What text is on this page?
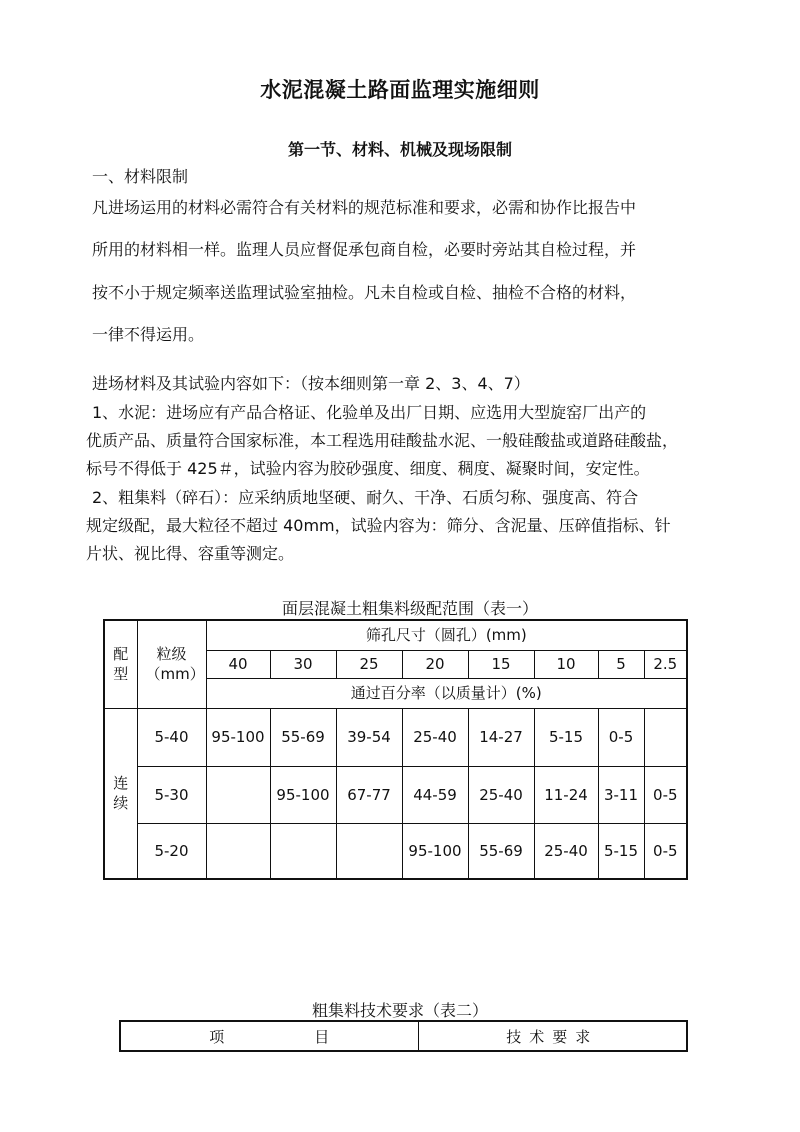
水泥混凝土路面监理实施细则
第一节、材料、机械及现场限制
一、材料限制
凡进场运用的材料必需符合有关材料的规范标准和要求，必需和协作比报告中
所用的材料相一样。监理人员应督促承包商自检，必要时旁站其自检过程，并
按不小于规定频率送监理试验室抽检。凡未自检或自检、抽检不合格的材料，
一律不得运用。
进场材料及其试验内容如下：（按本细则第一章 2、3、4、7）
1、水泥：进场应有产品合格证、化验单及出厂日期、应选用大型旋窑厂出产的
优质产品、质量符合国家标准，本工程选用硅酸盐水泥、一般硅酸盐或道路硅酸盐，
标号不得低于 425＃，试验内容为胶砂强度、细度、稠度、凝聚时间，安定性。
2、粗集料（碎石）：应采纳质地坚硬、耐久、干净、石质匀称、强度高、符合
规定级配，最大粒径不超过 40mm，试验内容为：筛分、含泥量、压碎值指标、针
片状、视比得、容重等测定。
面层混凝土粗集料级配范围（表一）
配型	粒级（mm）	筛孔尺寸（圆孔）(mm)							
		40	30	25	20	15	10	5	2.5
		通过百分率（以质量计）(%)							
连续	5-40	95-100	55-69	39-54	25-40	14-27	5-15	0-5	
	5-30		95-100	67-77	44-59	25-40	11-24	3-11	0-5
	5-20				95-100	55-69	25-40	5-15	0-5
粗集料技术要求（表二）
项　　　　　　目	技术要求
